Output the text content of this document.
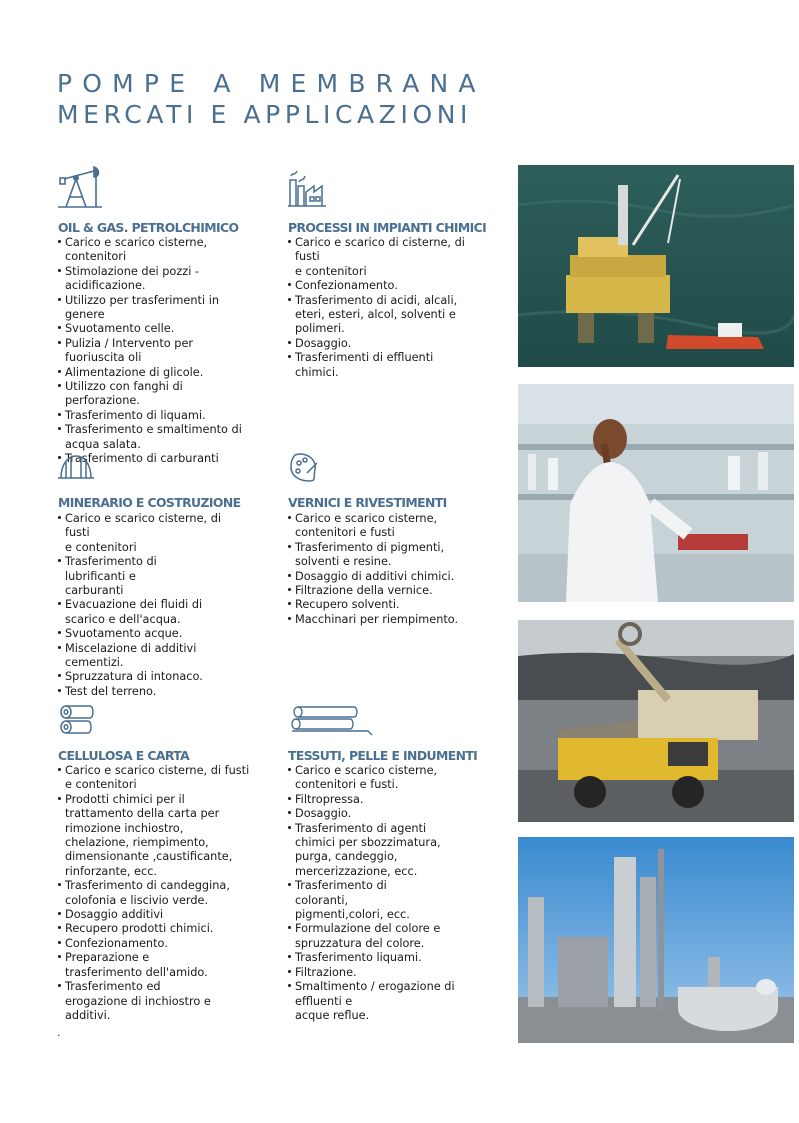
POMPE A MEMBRANA
MERCATI E APPLICAZIONI
OIL & GAS. PETROLCHIMICO
Carico e scarico cisterne,
contenitori
Stimolazione dei pozzi -
acidificazione.
Utilizzo per trasferimenti in
genere
Svuotamento celle.
Pulizia / Intervento per
fuoriuscita oli
Alimentazione di glicole.
Utilizzo con fanghi di
perforazione.
Trasferimento di liquami.
Trasferimento e smaltimento di
acqua salata.
Trasferimento di carburanti
PROCESSI IN IMPIANTI CHIMICI
Carico e scarico di cisterne, di
fusti
e contenitori
Confezionamento.
Trasferimento di acidi, alcali,
eteri, esteri, alcol, solventi e
polimeri.
Dosaggio.
Trasferimenti di effluenti
chimici.
MINERARIO E COSTRUZIONE
Carico e scarico cisterne, di
fusti
e contenitori
Trasferimento di
lubrificanti e
carburanti
Evacuazione dei fluidi di
scarico e dell'acqua.
Svuotamento acque.
Miscelazione di additivi
cementizi.
Spruzzatura di intonaco.
Test del terreno.
VERNICI E RIVESTIMENTI
Carico e scarico cisterne,
contenitori e fusti
Trasferimento di pigmenti,
solventi e resine.
Dosaggio di additivi chimici.
Filtrazione della vernice.
Recupero solventi.
Macchinari per riempimento.
CELLULOSA E CARTA
Carico e scarico cisterne, di fusti
e contenitori
Prodotti chimici per il
trattamento della carta per
rimozione inchiostro,
chelazione, riempimento,
dimensionante ,caustificante,
rinforzante, ecc.
Trasferimento di candeggina,
colofonia e liscivio verde.
Dosaggio additivi
Recupero prodotti chimici.
Confezionamento.
Preparazione e
trasferimento dell'amido.
Trasferimento ed
erogazione di inchiostro e
additivi.
.
TESSUTI, PELLE E INDUMENTI
Carico e scarico cisterne,
contenitori e fusti.
Filtropressa.
Dosaggio.
Trasferimento di agenti
chimici per sbozzimatura,
purga, candeggio,
mercerizzazione, ecc.
Trasferimento di
coloranti,
pigmenti,colori, ecc.
Formulazione del colore e
spruzzatura del colore.
Trasferimento liquami.
Filtrazione.
Smaltimento / erogazione di
effluenti e
acque reflue.
